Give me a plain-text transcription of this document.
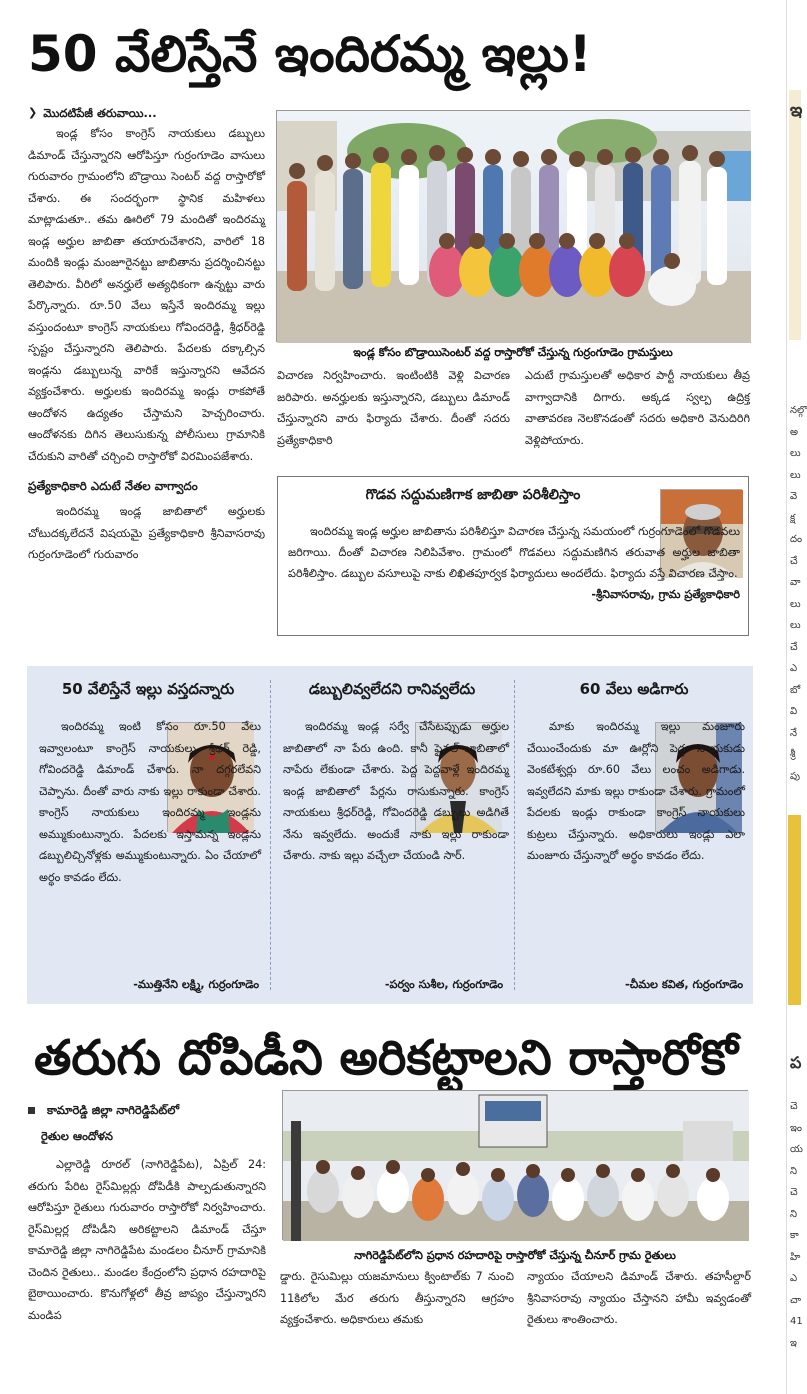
50 వేలిస్తేనే ఇందిరమ్మ ఇల్లు!
❯ మొదటిపేజీ తరువాయి...

ఇండ్ల కోసం కాంగ్రెస్ నాయకులు డబ్బులు డిమాండ్ చేస్తున్నారని ఆరోపిస్తూ గుర్రంగూడెం వాసులు గురువారం గ్రామంలోని బొడ్రాయి సెంటర్ వద్ద రాస్తారోకో చేశారు. ఈ సందర్భంగా స్థానిక మహిళలు మాట్లాడుతూ.. తమ ఊరిలో 79 మందితో ఇందిరమ్మ ఇండ్ల అర్హుల జాబితా తయారుచేశారని, వారిలో 18 మందికి ఇండ్లు మంజూరైనట్టు జాబితాను ప్రదర్శించినట్టు తెలిపారు. వీరిలో అనర్హులే అత్యధికంగా ఉన్నట్టు వారు పేర్కొన్నారు. రూ.50 వేలు ఇస్తేనే ఇందిరమ్మ ఇల్లు వస్తుందంటూ కాంగ్రెస్ నాయకులు గోవిందరెడ్డి, శ్రీధర్‌రెడ్డి స్పష్టం చేస్తున్నారని తెలిపారు. పేదలకు దక్కాల్సిన ఇండ్లను డబ్బులున్న వారికే ఇస్తున్నారని ఆవేదన వ్యక్తంచేశారు. అర్హులకు ఇందిరమ్మ ఇండ్లు రాకపోతే ఆందోళన ఉద్యతం చేస్తామని హెచ్చరించారు. ఆందోళనకు దిగిన తెలుసుకున్న పోలీసులు గ్రామానికి చేరుకుని వారితో చర్చించి రాస్తారోకో విరమింపజేశారు.

ప్రత్యేకాధికారి ఎదుటే నేతల వాగ్వాదం

ఇందిరమ్మ ఇండ్ల జాబితాలో అర్హులకు చోటుదక్కలేదనే విషయమై ప్రత్యేకాధికారి శ్రీనివాసరావు గుర్రంగూడెంలో గురువారం

ఇండ్ల కోసం బొడ్రాయిసెంటర్ వద్ద రాస్తారోకో చేస్తున్న గుర్రంగూడెం గ్రామస్తులు

విచారణ నిర్వహించారు. ఇంటింటికి వెళ్లి విచారణ జరిపారు. అనర్హులకు ఇస్తున్నారని, డబ్బులు డిమాండ్ చేస్తున్నారని వారు ఫిర్యాదు చేశారు. దీంతో సదరు ప్రత్యేకాధికారి

ఎదుటే గ్రామస్తులతో అధికార పార్టీ నాయకులు తీవ్ర వాగ్వాదానికి దిగారు. అక్కడ స్వల్ప ఉద్రిక్త వాతావరణ నెలకొనడంతో సదరు అధికారి వెనుదిరిగి వెళ్లిపోయారు.

గొడవ సద్దుమణిగాక జాబితా పరిశీలిస్తాం

ఇందిరమ్మ ఇండ్ల అర్హుల జాబితాను పరిశీలిస్తూ విచారణ చేస్తున్న సమయంలో గుర్రంగూడెంలో గొడవలు జరిగాయి. దీంతో విచారణ నిలిపివేశాం. గ్రామంలో గొడవలు సద్దుమణిగిన తరువాత అర్హుల జాబితా పరిశీలిస్తాం. డబ్బుల వసూలుపై నాకు లిఖితపూర్వక ఫిర్యాదులు అందలేదు. ఫిర్యాదు వస్తే విచారణ చేస్తాం.

-శ్రీనివాసరావు, గ్రామ ప్రత్యేకాధికారి
50 వేలిస్తేనే ఇల్లు వస్తదన్నారు

ఇందిరమ్మ ఇంటి కోసం రూ.50 వేలు ఇవ్వాలంటూ కాంగ్రెస్ నాయకులు శ్రీధర్ రెడ్డి, గోవిందరెడ్డి డిమాండ్ చేశారు. నా దగ్గరలేవని చెప్పాను. దీంతో వారు నాకు ఇల్లు రాకుండా చేశారు. కాంగ్రెస్ నాయకులు ఇందిరమ్మ ఇండ్లను అమ్ముకుంటున్నారు. పేదలకు ఇస్తామన్న ఇండ్లను డబ్బులిచ్చినోళ్లకు అమ్ముకుంటున్నారు. ఏం చేయాలో అర్థం కావడం లేదు.

-ముత్తినేని లక్ష్మి, గుర్రంగూడెం
డబ్బులివ్వలేదని రానివ్వలేదు

ఇందిరమ్మ ఇండ్ల సర్వే చేసేటప్పుడు అర్హుల జాబితాలో నా పేరు ఉంది. కానీ ఫైనల్ జాబితాలో నాపేరు లేకుండా చేశారు. పెద్ద పెద్దవాళ్లే ఇందిరమ్మ ఇండ్ల జాబితాలో పేర్లను రాసుకున్నారు. కాంగ్రెస్ నాయకులు శ్రీధర్‌రెడ్డి, గోవిందరెడ్డి డబ్బులు అడిగితే నేను ఇవ్వలేదు. అందుకే నాకు ఇల్లు రాకుండా చేశారు. నాకు ఇల్లు వచ్చేలా చేయండి సార్.

-పర్వం సుశీల, గుర్రంగూడెం
60 వేలు అడిగారు

మాకు ఇందిరమ్మ ఇల్లు మంజూరు చేయించేందుకు మా ఊర్లోని పెద్ద నాయకుడు వెంకటేశ్వర్లు రూ.60 వేలు లంచం అడిగాడు. ఇవ్వలేదని మాకు ఇల్లు రాకుండా చేశారు. గ్రామంలో పేదలకు ఇండ్లు రాకుండా కాంగ్రెస్ నాయకులు కుట్రలు చేస్తున్నారు. అధికారులు ఇండ్లు ఎలా మంజూరు చేస్తున్నారో అర్థం కావడం లేదు.

-చీమల కవిత, గుర్రంగూడెం
తరుగు దోపిడీని అరికట్టాలని రాస్తారోకో
కామారెడ్డి జిల్లా నాగిరెడ్డిపేట్‌లో
రైతుల ఆందోళన

ఎల్లారెడ్డి రూరల్ (నాగిరెడ్డిపేట), ఏప్రిల్ 24: తరుగు పేరిట రైస్‌మిల్లర్లు దోపిడీకి పాల్పడుతున్నారని ఆరోపిస్తూ రైతులు గురువారం రాస్తారోకో నిర్వహించారు. రైస్‌మిల్లర్ల దోపిడీని అరికట్టాలని డిమాండ్ చేస్తూ కామారెడ్డి జిల్లా నాగిరెడ్డిపేట మండలం చీనూర్ గ్రామానికి చెందిన రైతులు.. మండల కేంద్రంలోని ప్రధాన రహదారిపై బైఠాయించారు. కొనుగోళ్లలో తీవ్ర జాప్యం చేస్తున్నారని మండిప

నాగిరెడ్డిపేట్‌లోని ప్రధాన రహదారిపై రాస్తారోకో చేస్తున్న చీనూర్ గ్రామ రైతులు

డ్డారు. రైసుమిల్లు యజమానులు క్వింటాల్‌కు 7 నుంచి 11కిలోల మేర తరుగు తీస్తున్నారని ఆగ్రహం వ్యక్తంచేశారు. అధికారులు తమకు

న్యాయం చేయాలని డిమాండ్ చేశారు. తహసీల్దార్ శ్రీనివాసరావు న్యాయం చేస్తానని హామీ ఇవ్వడంతో రైతులు శాంతించారు.

ఇ
నల్గొ
అ
లు
లు
వె
క్ష
దం
చే
వా
లు
లు
చే
ఎ
బో
వి
నే
శ్రీ
పు
చె
ఇం
య
ని
చె
ని
కా
హి
ఎ
చా
41
ఇ
ప
